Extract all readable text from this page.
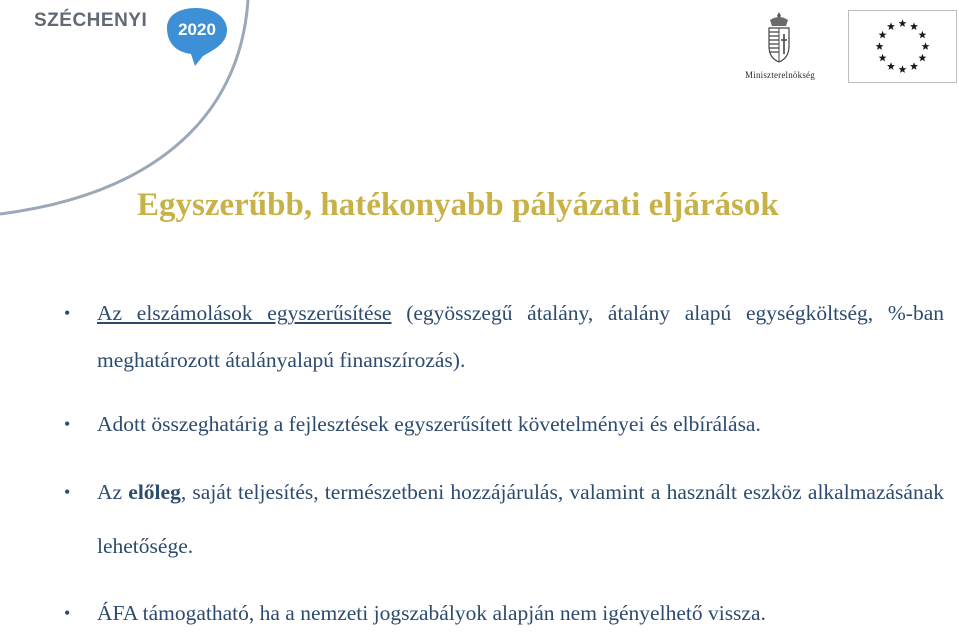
SZÉCHENYI 2020
Miniszterelnökség
Egyszerűbb, hatékonyabb pályázati eljárások
• Az elszámolások egyszerűsítése (egyösszegű átalány, átalány alapú egységköltség, %-ban meghatározott átalányalapú finanszírozás).
• Adott összeghatárig a fejlesztések egyszerűsített követelményei és elbírálása.
• Az előleg, saját teljesítés, természetbeni hozzájárulás, valamint a használt eszköz alkalmazásának lehetősége.
• ÁFA támogatható, ha a nemzeti jogszabályok alapján nem igényelhető vissza.
